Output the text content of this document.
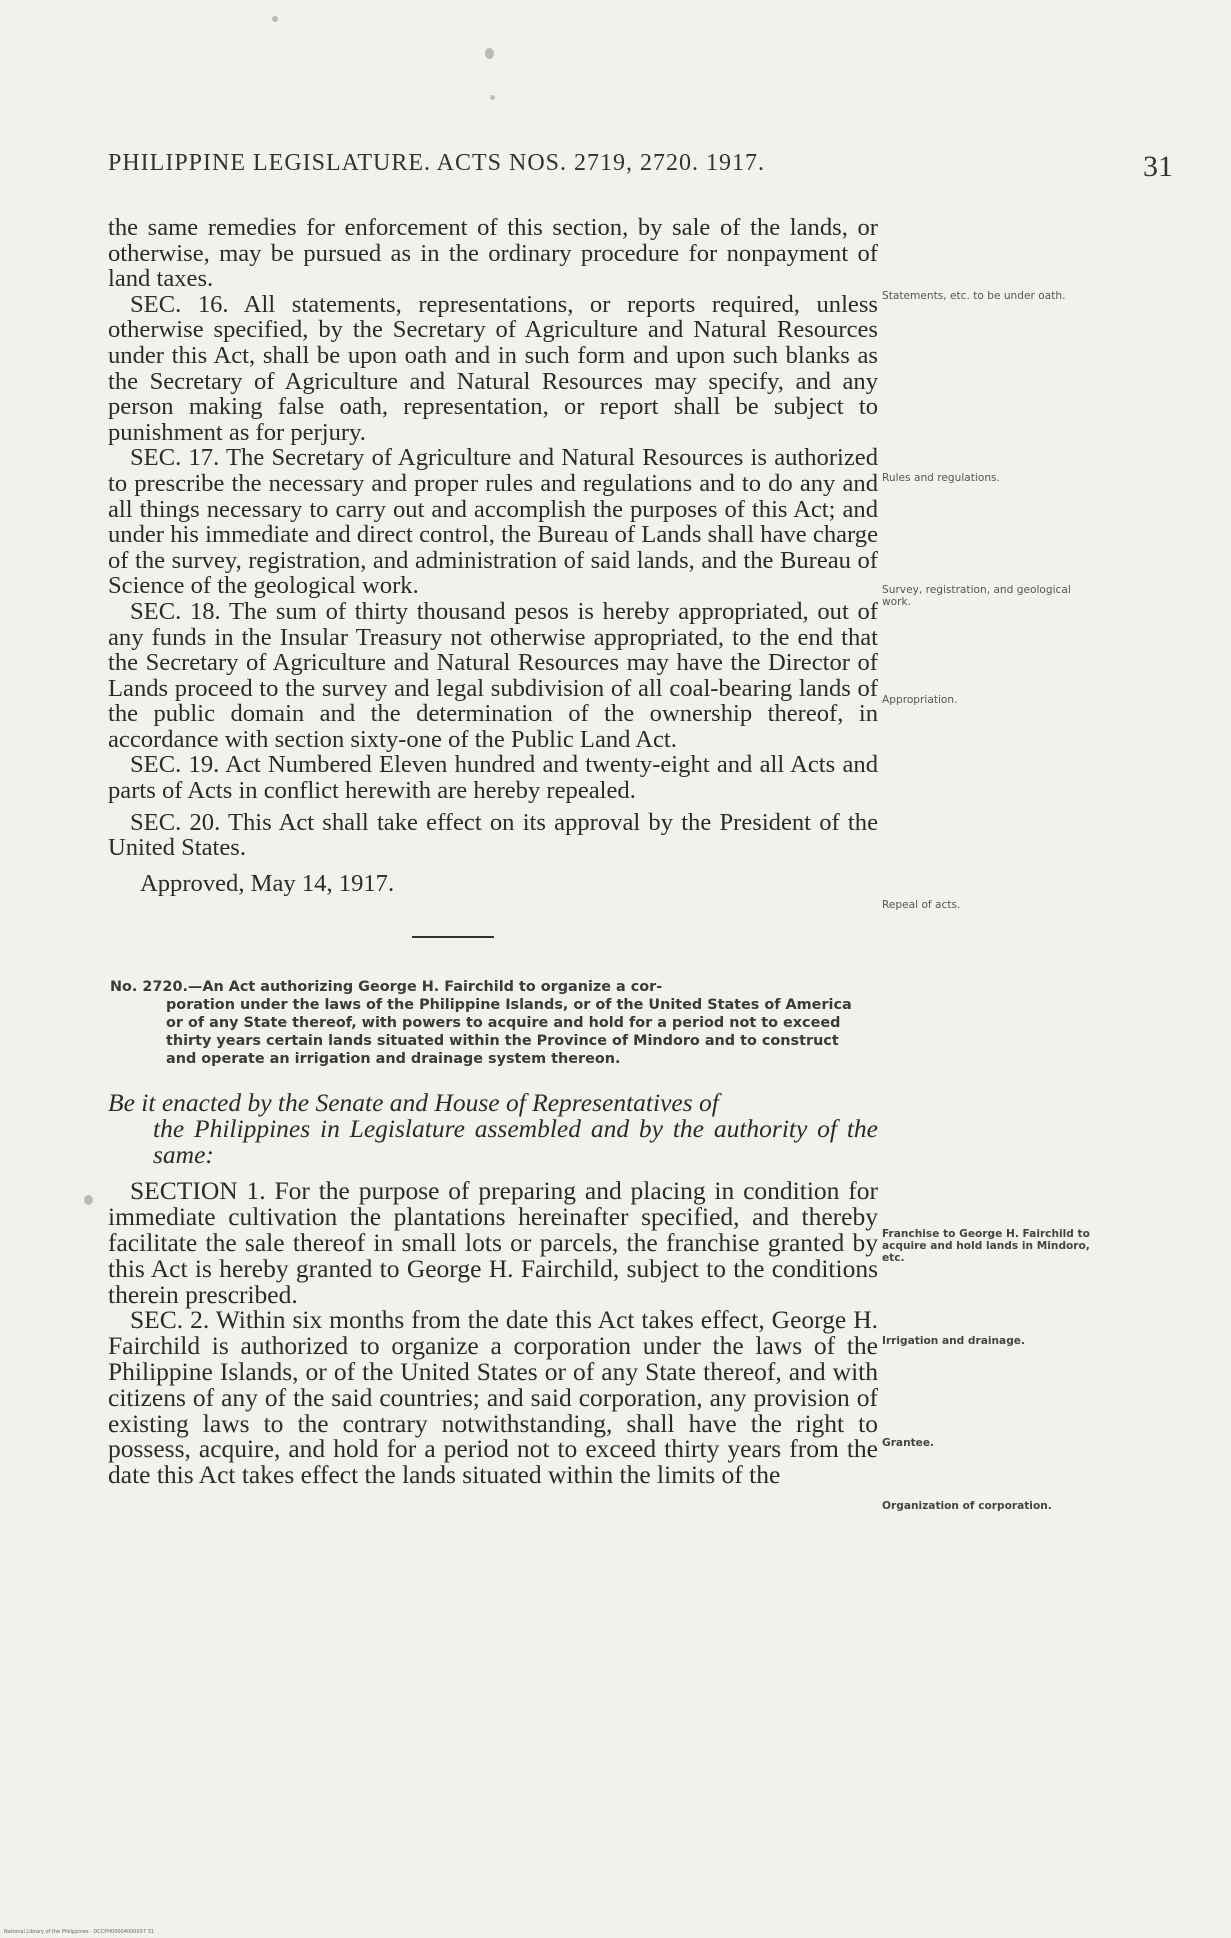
PHILIPPINE LEGISLATURE. ACTS NOS. 2719, 2720. 1917.	31

the same remedies for enforcement of this section, by sale of the lands, or otherwise, may be pursued as in the ordinary procedure for nonpayment of land taxes.

SEC. 16. All statements, representations, or reports required, unless otherwise specified, by the Secretary of Agriculture and Natural Resources under this Act, shall be upon oath and in such form and upon such blanks as the Secretary of Agriculture and Natural Resources may specify, and any person making false oath, representation, or report shall be subject to punishment as for perjury.

SEC. 17. The Secretary of Agriculture and Natural Resources is authorized to prescribe the necessary and proper rules and regulations and to do any and all things necessary to carry out and accomplish the purposes of this Act; and under his immediate and direct control, the Bureau of Lands shall have charge of the survey, registration, and administration of said lands, and the Bureau of Science of the geological work.

SEC. 18. The sum of thirty thousand pesos is hereby appropriated, out of any funds in the Insular Treasury not otherwise appropriated, to the end that the Secretary of Agriculture and Natural Resources may have the Director of Lands proceed to the survey and legal subdivision of all coal-bearing lands of the public domain and the determination of the ownership thereof, in accordance with section sixty-one of the Public Land Act.

SEC. 19. Act Numbered Eleven hundred and twenty-eight and all Acts and parts of Acts in conflict herewith are hereby repealed.

SEC. 20. This Act shall take effect on its approval by the President of the United States.

Approved, May 14, 1917.

No. 2720.—An Act authorizing George H. Fairchild to organize a cor-
poration under the laws of the Philippine Islands, or of the United States of America or of any State thereof, with powers to acquire and hold for a period not to exceed thirty years certain lands situated within the Province of Mindoro and to construct and operate an irrigation and drainage system thereon.

Be it enacted by the Senate and House of Representatives of
the Philippines in Legislature assembled and by the authority of the same:

SECTION 1. For the purpose of preparing and placing in condition for immediate cultivation the plantations hereinafter specified, and thereby facilitate the sale thereof in small lots or parcels, the franchise granted by this Act is hereby granted to George H. Fairchild, subject to the conditions therein prescribed.

SEC. 2. Within six months from the date this Act takes effect, George H. Fairchild is authorized to organize a corporation under the laws of the Philippine Islands, or of the United States or of any State thereof, and with citizens of any of the said countries; and said corporation, any provision of existing laws to the contrary notwithstanding, shall have the right to possess, acquire, and hold for a period not to exceed thirty years from the date this Act takes effect the lands situated within the limits of the

Statements, etc. to be under oath.
Rules and regulations.
Survey, registration, and geological work.
Appropriation.
Repeal of acts.
Franchise to George H. Fairchild to acquire and hold lands in Mindoro, etc.
Irrigation and drainage.
Grantee.
Organization of corporation.
National Library of the Philippines · DCCPH00004000037 31
